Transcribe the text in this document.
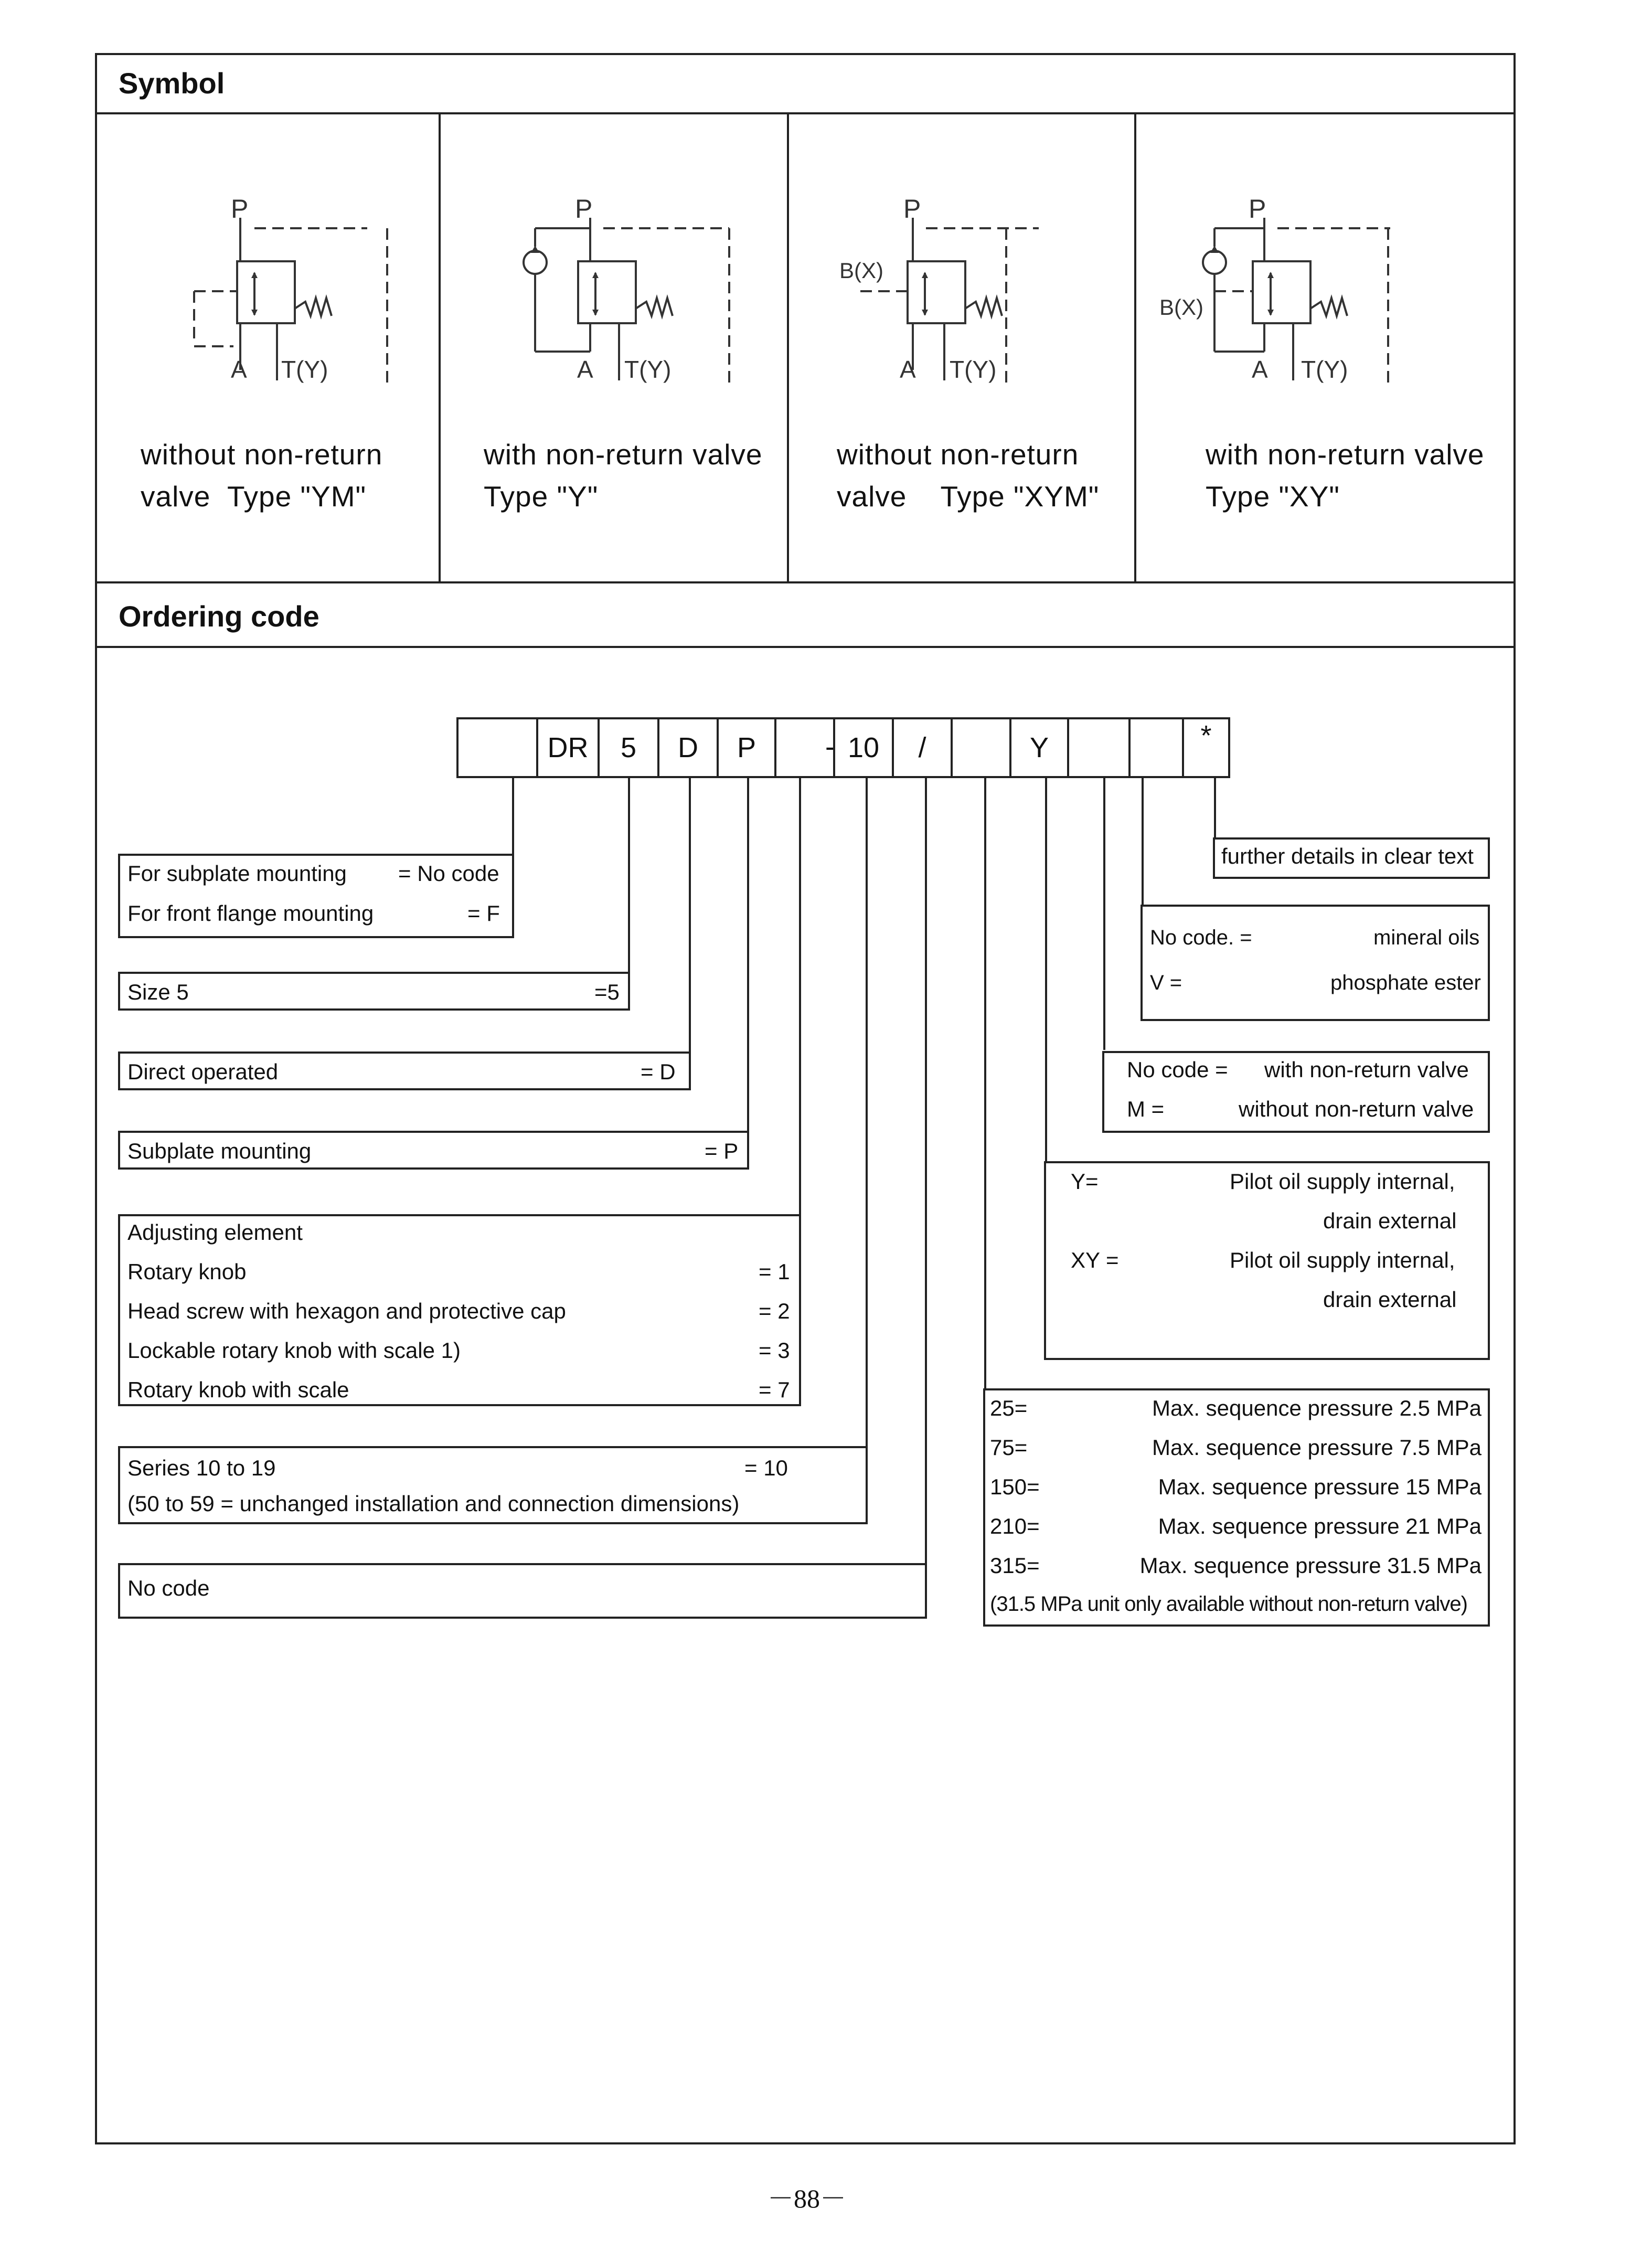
Symbol
P
A T(Y)
P
A T(Y)
P
B(X)
A T(Y)
P
B(X)
A T(Y)
without non-return
valve  Type "YM"
with non-return valve
Type "Y"
without non-return
valve    Type "XYM"
with non-return valve
Type "XY"
Ordering code
DR	5	D	P	- 10	/	Y	*
For subplate mounting = No code
For front flange mounting	= F
Size 5	=5
Direct operated	= D
Subplate mounting	= P
Adjusting element
Rotary knob	= 1
Head screw with hexagon and protective cap	= 2
Lockable rotary knob with scale 1)	= 3
Rotary knob with scale	= 7
Series 10 to 19	= 10
(50 to 59 = unchanged installation and connection dimensions)
No code
further details in clear text
No code. =	mineral oils
V =	phosphate ester
No code = with non-return valve
M =	without non-return valve
Y=	Pilot oil supply internal,
drain external
XY =	Pilot oil supply internal,
drain external
25=	Max. sequence pressure 2.5 MPa
75=	Max. sequence pressure 7.5 MPa
150=	Max. sequence pressure 15 MPa
210=	Max. sequence pressure 21 MPa
315=	Max. sequence pressure 31.5 MPa
(31.5 MPa unit only available without non-return valve)
－88－
